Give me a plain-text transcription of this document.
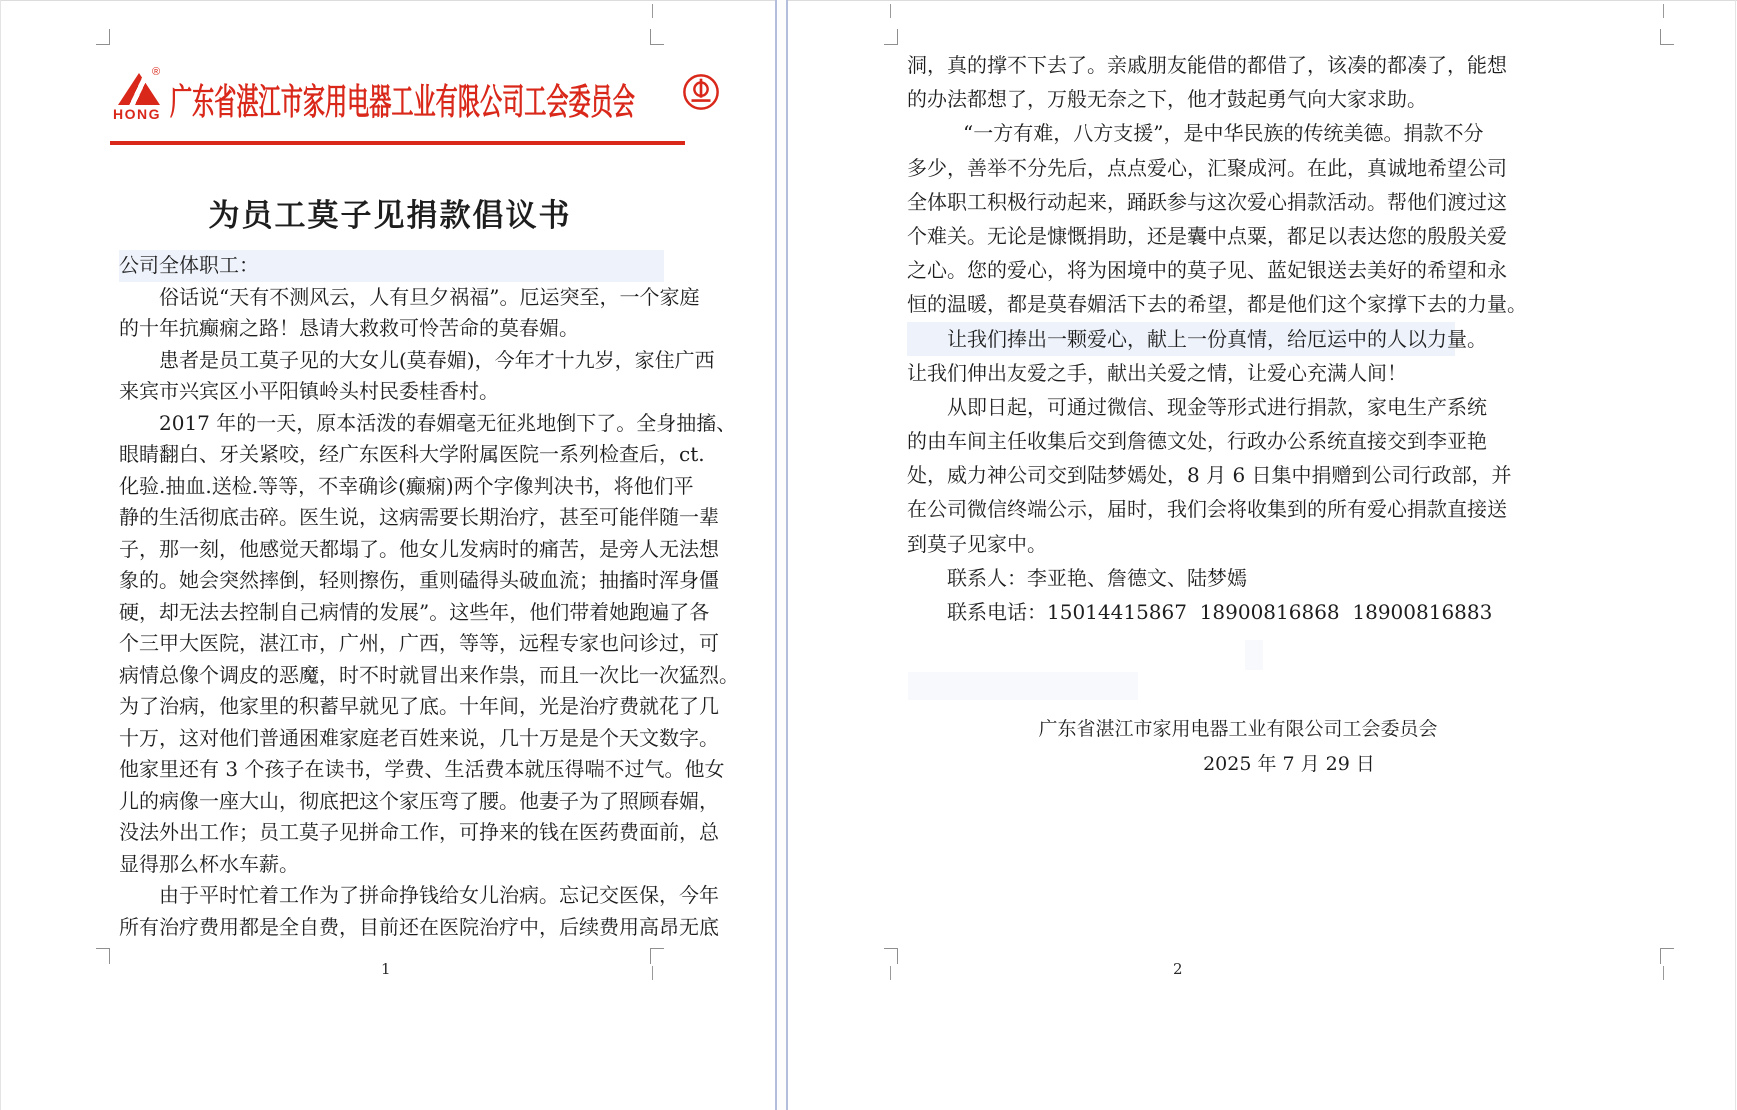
®
HONG 广东省湛江市家用电器工业有限公司工会委员会
为员工莫子见捐款倡议书
公司全体职工：
俗话说“天有不测风云，人有旦夕祸福”。厄运突至，一个家庭
的十年抗癫痫之路！恳请大救救可怜苦命的莫春媚。
患者是员工莫子见的大女儿(莫春媚)，今年才十九岁，家住广西
来宾市兴宾区小平阳镇岭头村民委桂香村。
2017 年的一天，原本活泼的春媚毫无征兆地倒下了。全身抽搐、
眼睛翻白、牙关紧咬，经广东医科大学附属医院一系列检查后，ct.
化验.抽血.送检.等等，不幸确诊(癫痫)两个字像判决书，将他们平
静的生活彻底击碎。医生说，这病需要长期治疗，甚至可能伴随一辈
子，那一刻，他感觉天都塌了。他女儿发病时的痛苦，是旁人无法想
象的。她会突然摔倒，轻则擦伤，重则磕得头破血流；抽搐时浑身僵
硬，却无法去控制自己病情的发展”。这些年，他们带着她跑遍了各
个三甲大医院，湛江市，广州，广西，等等，远程专家也问诊过，可
病情总像个调皮的恶魔，时不时就冒出来作祟，而且一次比一次猛烈。
为了治病，他家里的积蓄早就见了底。十年间，光是治疗费就花了几
十万，这对他们普通困难家庭老百姓来说，几十万是是个天文数字。
他家里还有 3 个孩子在读书，学费、生活费本就压得喘不过气。他女
儿的病像一座大山，彻底把这个家压弯了腰。他妻子为了照顾春媚，
没法外出工作；员工莫子见拼命工作，可挣来的钱在医药费面前，总
显得那么杯水车薪。
由于平时忙着工作为了拼命挣钱给女儿治病。忘记交医保，今年
所有治疗费用都是全自费，目前还在医院治疗中，后续费用高昂无底
1
洞，真的撑不下去了。亲戚朋友能借的都借了，该凑的都凑了，能想
的办法都想了，万般无奈之下，他才鼓起勇气向大家求助。
“一方有难，八方支援”，是中华民族的传统美德。捐款不分
多少，善举不分先后，点点爱心，汇聚成河。在此，真诚地希望公司
全体职工积极行动起来，踊跃参与这次爱心捐款活动。帮他们渡过这
个难关。无论是慷慨捐助，还是囊中点粟，都足以表达您的殷殷关爱
之心。您的爱心，将为困境中的莫子见、蓝妃银送去美好的希望和永
恒的温暖，都是莫春媚活下去的希望，都是他们这个家撑下去的力量。
让我们捧出一颗爱心，献上一份真情，给厄运中的人以力量。
让我们伸出友爱之手，献出关爱之情，让爱心充满人间！
从即日起，可通过微信、现金等形式进行捐款，家电生产系统
的由车间主任收集后交到詹德文处，行政办公系统直接交到李亚艳
处，威力神公司交到陆梦嫣处，8 月 6 日集中捐赠到公司行政部，并
在公司微信终端公示，届时，我们会将收集到的所有爱心捐款直接送
到莫子见家中。
联系人：李亚艳、詹德文、陆梦嫣
联系电话：15014415867  18900816868  18900816883
广东省湛江市家用电器工业有限公司工会委员会
2025 年 7 月 29 日
2
